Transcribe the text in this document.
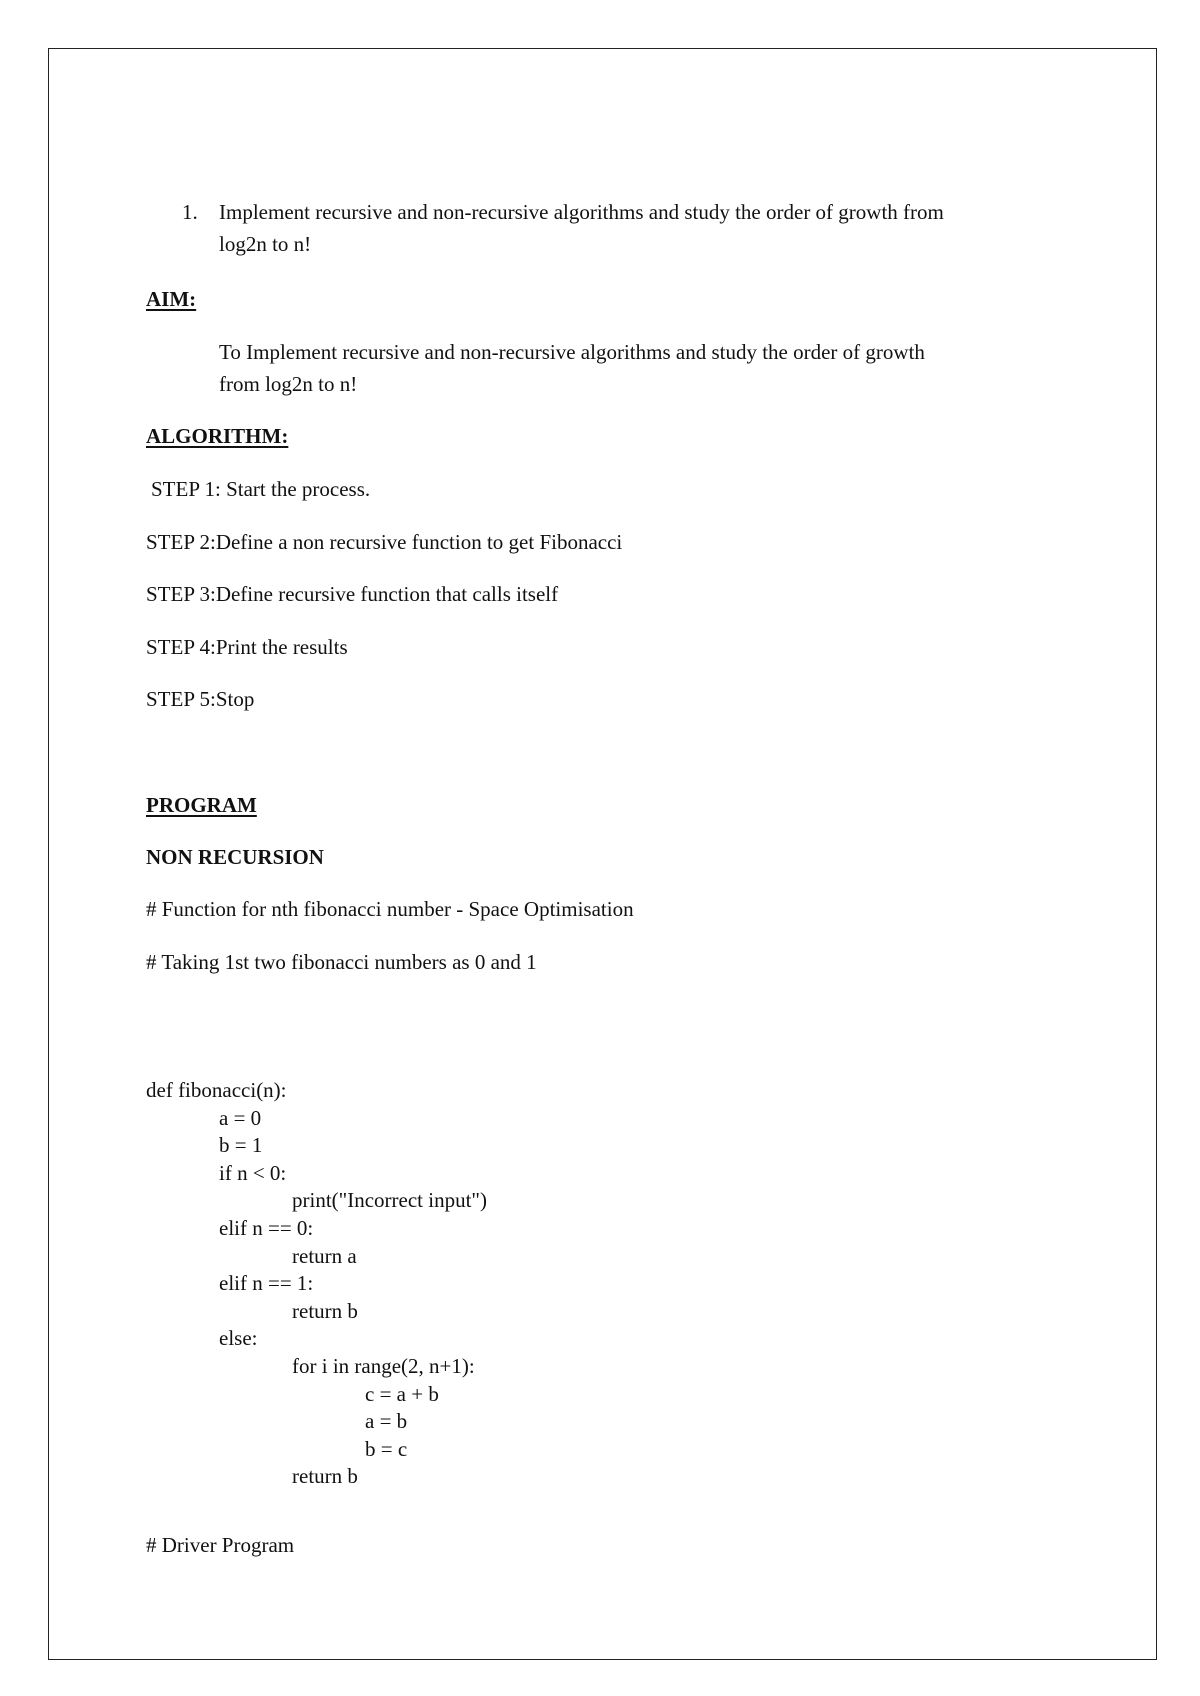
1. Implement recursive and non-recursive algorithms and study the order of growth from
log2n to n!
AIM:
To Implement recursive and non-recursive algorithms and study the order of growth
from log2n to n!
ALGORITHM:
STEP 1: Start the process.
STEP 2:Define a non recursive function to get Fibonacci
STEP 3:Define recursive function that calls itself
STEP 4:Print the results
STEP 5:Stop
PROGRAM
NON RECURSION
# Function for nth fibonacci number - Space Optimisation
# Taking 1st two fibonacci numbers as 0 and 1
def fibonacci(n):
a = 0
b = 1
if n < 0:
print("Incorrect input")
elif n == 0:
return a
elif n == 1:
return b
else:
for i in range(2, n+1):
c = a + b
a = b
b = c
return b
# Driver Program
